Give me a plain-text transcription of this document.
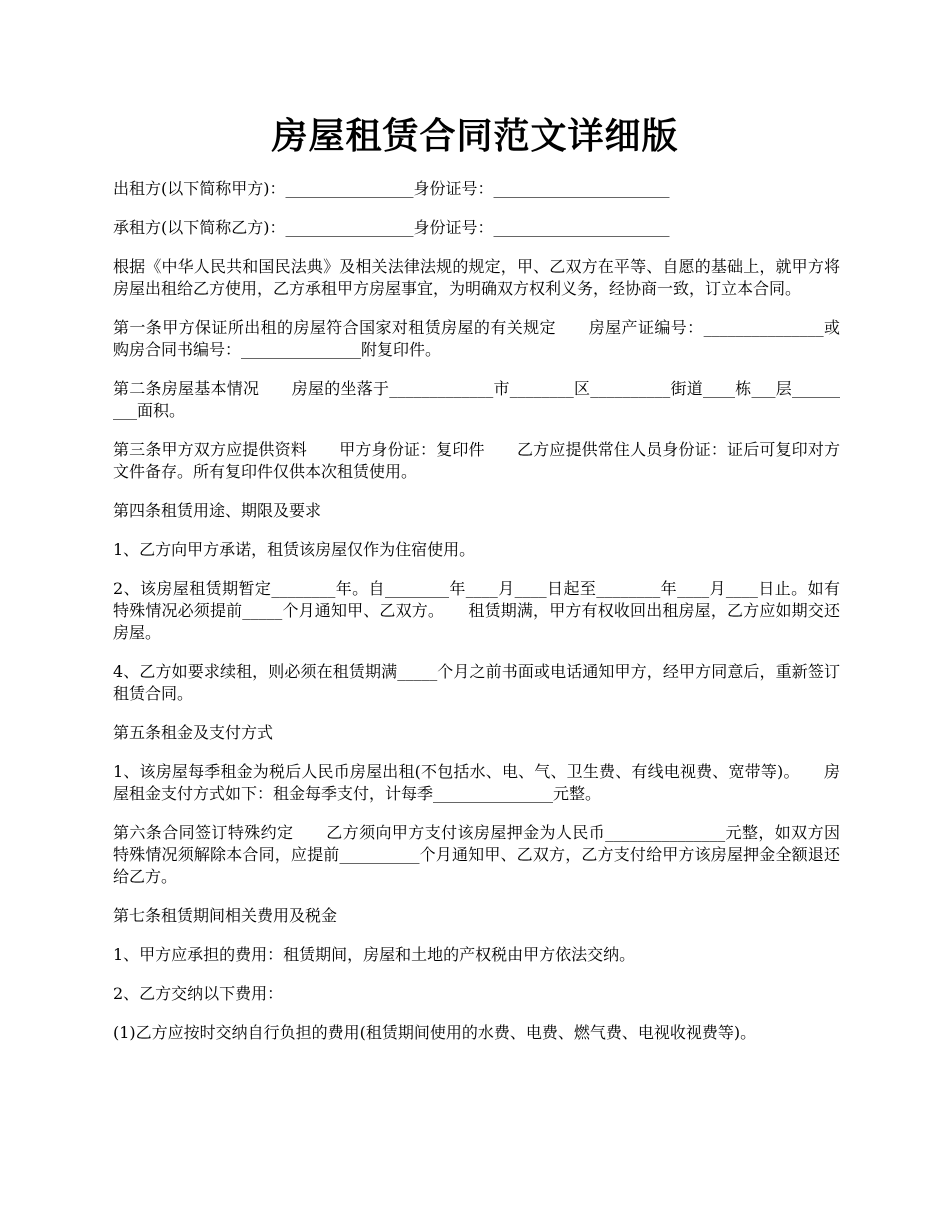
房屋租赁合同范文详细版

出租方(以下简称甲方)：________________身份证号：______________________

承租方(以下简称乙方)：________________身份证号：______________________

根据《中华人民共和国民法典》及相关法律法规的规定，甲、乙双方在平等、自愿的基础上，就甲方将房屋出租给乙方使用，乙方承租甲方房屋事宜，为明确双方权利义务，经协商一致，订立本合同。

第一条甲方保证所出租的房屋符合国家对租赁房屋的有关规定　　房屋产证编号：_______________或购房合同书编号：_______________附复印件。

第二条房屋基本情况　　房屋的坐落于_____________市________区__________街道____栋___层_________面积。

第三条甲方双方应提供资料　　甲方身份证：复印件　　乙方应提供常住人员身份证：证后可复印对方文件备存。所有复印件仅供本次租赁使用。

第四条租赁用途、期限及要求

1、乙方向甲方承诺，租赁该房屋仅作为住宿使用。

2、该房屋租赁期暂定________年。自________年____月____日起至________年____月____日止。如有特殊情况必须提前_____个月通知甲、乙双方。　　租赁期满，甲方有权收回出租房屋，乙方应如期交还房屋。

4、乙方如要求续租，则必须在租赁期满_____个月之前书面或电话通知甲方，经甲方同意后，重新签订租赁合同。

第五条租金及支付方式

1、该房屋每季租金为税后人民币房屋出租(不包括水、电、气、卫生费、有线电视费、宽带等)。　　房屋租金支付方式如下：租金每季支付，计每季_______________元整。

第六条合同签订特殊约定　　乙方须向甲方支付该房屋押金为人民币_______________元整，如双方因特殊情况须解除本合同，应提前__________个月通知甲、乙双方，乙方支付给甲方该房屋押金全额退还给乙方。

第七条租赁期间相关费用及税金

1、甲方应承担的费用：租赁期间，房屋和土地的产权税由甲方依法交纳。

2、乙方交纳以下费用：

(1)乙方应按时交纳自行负担的费用(租赁期间使用的水费、电费、燃气费、电视收视费等)。
